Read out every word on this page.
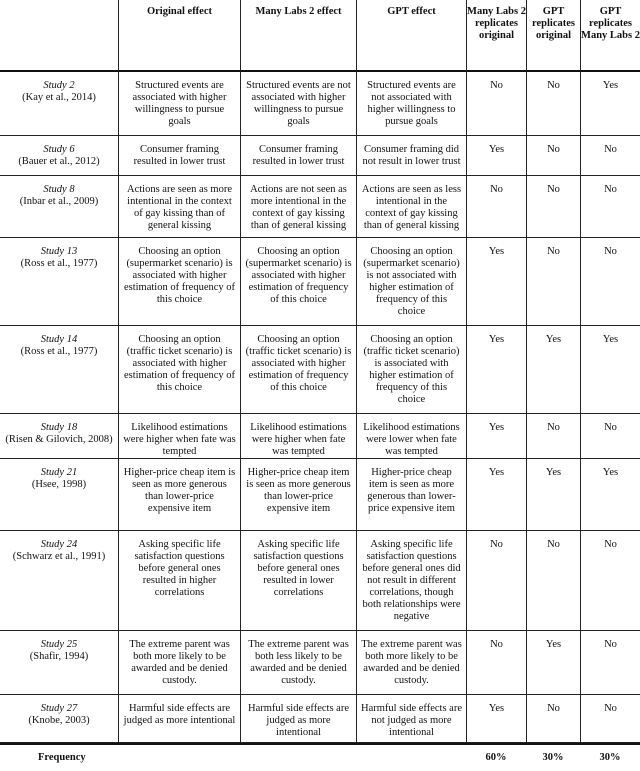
	Original effect	Many Labs 2 effect	GPT effect	Many Labs 2 replicates original	GPT replicates original	GPT replicates Many Labs 2

Study 2
(Kay et al., 2014)	Structured events are associated with higher willingness to pursue goals	Structured events are not associated with higher willingness to pursue goals	Structured events are not associated with higher willingness to pursue goals	No	No	Yes

Study 6
(Bauer et al., 2012)	Consumer framing resulted in lower trust	Consumer framing resulted in lower trust	Consumer framing did not result in lower trust	Yes	No	No

Study 8
(Inbar et al., 2009)	Actions are seen as more intentional in the context of gay kissing than of general kissing	Actions are not seen as more intentional in the context of gay kissing than of general kissing	Actions are seen as less intentional in the context of gay kissing than of general kissing	No	No	No

Study 13
(Ross et al., 1977)	Choosing an option (supermarket scenario) is associated with higher estimation of frequency of this choice	Choosing an option (supermarket scenario) is associated with higher estimation of frequency of this choice	Choosing an option (supermarket scenario) is not associated with higher estimation of frequency of this choice	Yes	No	No

Study 14
(Ross et al., 1977)	Choosing an option (traffic ticket scenario) is associated with higher estimation of frequency of this choice	Choosing an option (traffic ticket scenario) is associated with higher estimation of frequency of this choice	Choosing an option (traffic ticket scenario) is associated with higher estimation of frequency of this choice	Yes	Yes	Yes

Study 18
(Risen & Gilovich, 2008)	Likelihood estimations were higher when fate was tempted	Likelihood estimations were higher when fate was tempted	Likelihood estimations were lower when fate was tempted	Yes	No	No

Study 21
(Hsee, 1998)	Higher-price cheap item is seen as more generous than lower-price expensive item	Higher-price cheap item is seen as more generous than lower-price expensive item	Higher-price cheap item is seen as more generous than lower-price expensive item	Yes	Yes	Yes

Study 24
(Schwarz et al., 1991)	Asking specific life satisfaction questions before general ones resulted in higher correlations	Asking specific life satisfaction questions before general ones resulted in lower correlations	Asking specific life satisfaction questions before general ones did not result in different correlations, though both relationships were negative	No	No	No

Study 25
(Shafir, 1994)	The extreme parent was both more likely to be awarded and be denied custody.	The extreme parent was both less likely to be awarded and be denied custody.	The extreme parent was both more likely to be awarded and be denied custody.	No	Yes	No

Study 27
(Knobe, 2003)	Harmful side effects are judged as more intentional	Harmful side effects are judged as more intentional	Harmful side effects are not judged as more intentional	Yes	No	No
Frequency				60%	30%	30%
